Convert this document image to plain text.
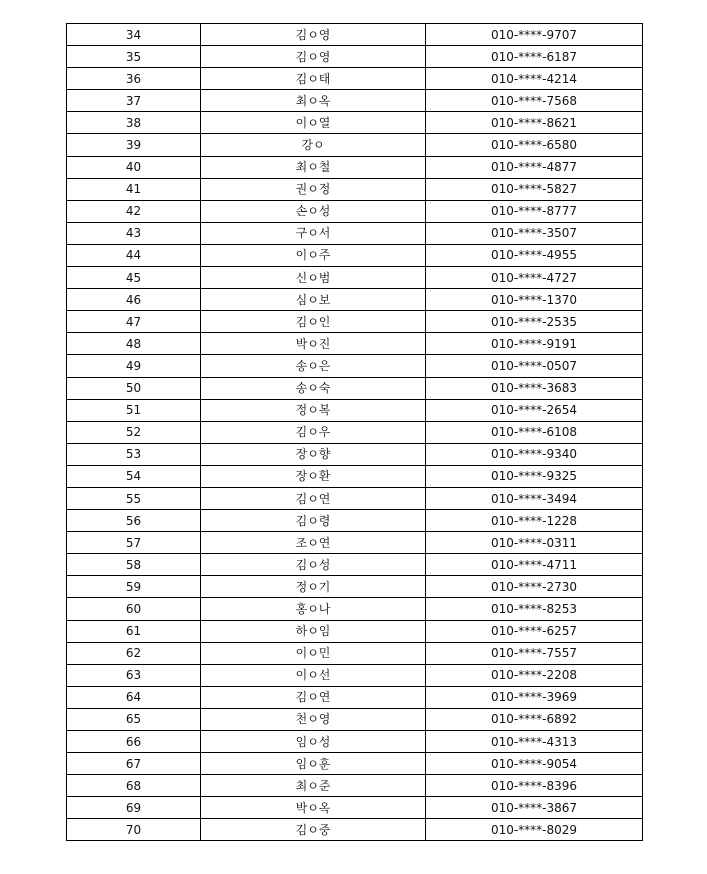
34	김ㅇ영	010-****-9707
35	김ㅇ영	010-****-6187
36	김ㅇ태	010-****-4214
37	최ㅇ옥	010-****-7568
38	이ㅇ열	010-****-8621
39	강ㅇ	010-****-6580
40	최ㅇ철	010-****-4877
41	권ㅇ정	010-****-5827
42	손ㅇ성	010-****-8777
43	구ㅇ서	010-****-3507
44	이ㅇ주	010-****-4955
45	신ㅇ범	010-****-4727
46	심ㅇ보	010-****-1370
47	김ㅇ인	010-****-2535
48	박ㅇ진	010-****-9191
49	송ㅇ은	010-****-0507
50	송ㅇ숙	010-****-3683
51	정ㅇ복	010-****-2654
52	김ㅇ우	010-****-6108
53	장ㅇ향	010-****-9340
54	장ㅇ환	010-****-9325
55	김ㅇ연	010-****-3494
56	김ㅇ령	010-****-1228
57	조ㅇ연	010-****-0311
58	김ㅇ성	010-****-4711
59	정ㅇ기	010-****-2730
60	홍ㅇ나	010-****-8253
61	하ㅇ임	010-****-6257
62	이ㅇ민	010-****-7557
63	이ㅇ선	010-****-2208
64	김ㅇ연	010-****-3969
65	천ㅇ영	010-****-6892
66	임ㅇ성	010-****-4313
67	임ㅇ훈	010-****-9054
68	최ㅇ준	010-****-8396
69	박ㅇ옥	010-****-3867
70	김ㅇ중	010-****-8029
